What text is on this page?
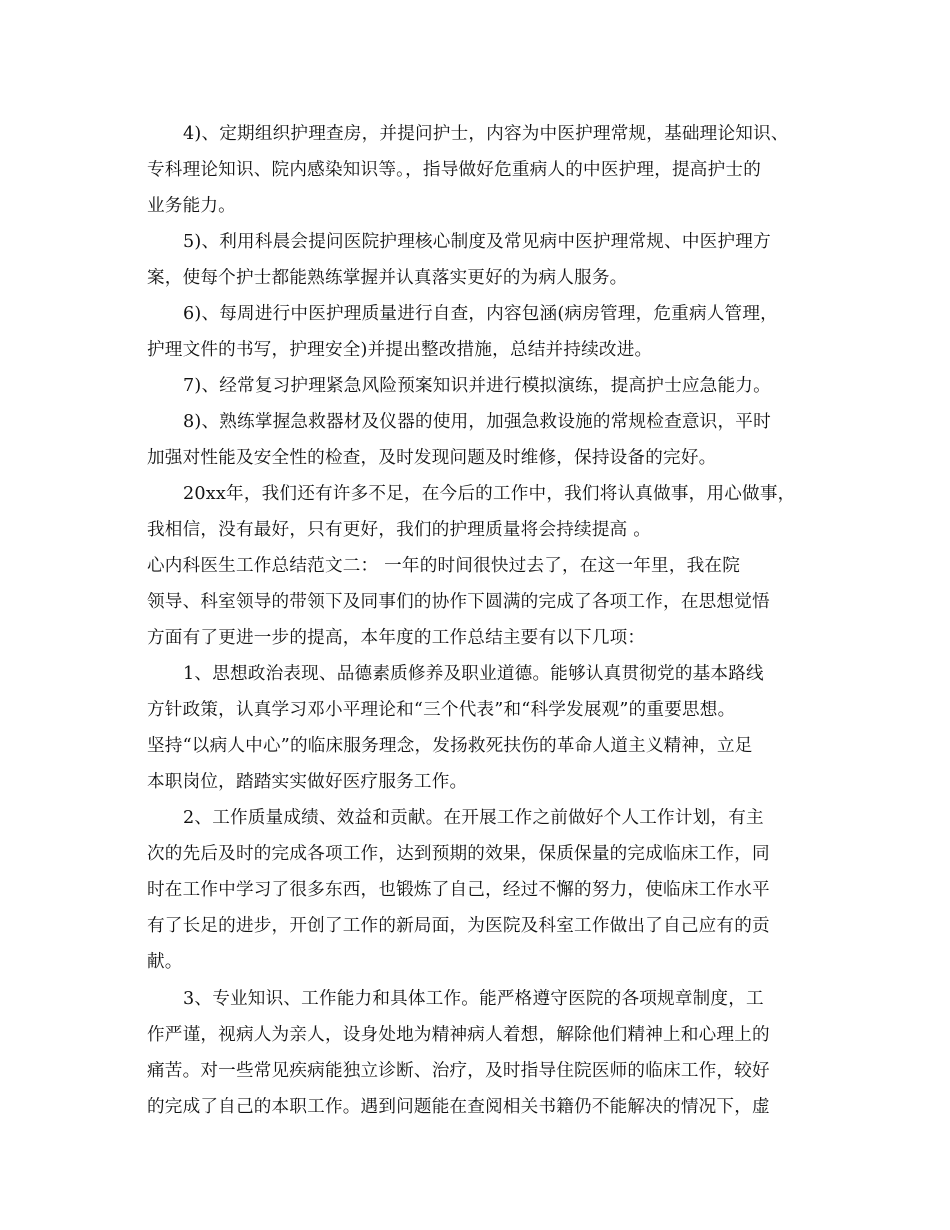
4)、定期组织护理查房，并提问护士，内容为中医护理常规，基础理论知识、
专科理论知识、院内感染知识等。，指导做好危重病人的中医护理，提高护士的
业务能力。
5)、利用科晨会提问医院护理核心制度及常见病中医护理常规、中医护理方
案，使每个护士都能熟练掌握并认真落实更好的为病人服务。
6)、每周进行中医护理质量进行自查，内容包涵(病房管理，危重病人管理，
护理文件的书写，护理安全)并提出整改措施，总结并持续改进。
7)、经常复习护理紧急风险预案知识并进行模拟演练，提高护士应急能力。
8)、熟练掌握急救器材及仪器的使用，加强急救设施的常规检查意识，平时
加强对性能及安全性的检查，及时发现问题及时维修，保持设备的完好。
20xx年，我们还有许多不足，在今后的工作中，我们将认真做事，用心做事，
我相信，没有最好，只有更好，我们的护理质量将会持续提高 。
心内科医生工作总结范文二： 一年的时间很快过去了，在这一年里，我在院
领导、科室领导的带领下及同事们的协作下圆满的完成了各项工作，在思想觉悟
方面有了更进一步的提高，本年度的工作总结主要有以下几项：
1、思想政治表现、品德素质修养及职业道德。能够认真贯彻党的基本路线
方针政策，认真学习邓小平理论和“三个代表”和“科学发展观”的重要思想。
坚持“以病人中心”的临床服务理念，发扬救死扶伤的革命人道主义精神，立足
本职岗位，踏踏实实做好医疗服务工作。
2、工作质量成绩、效益和贡献。在开展工作之前做好个人工作计划，有主
次的先后及时的完成各项工作，达到预期的效果，保质保量的完成临床工作，同
时在工作中学习了很多东西，也锻炼了自己，经过不懈的努力，使临床工作水平
有了长足的进步，开创了工作的新局面，为医院及科室工作做出了自己应有的贡
献。
3、专业知识、工作能力和具体工作。能严格遵守医院的各项规章制度，工
作严谨，视病人为亲人，设身处地为精神病人着想，解除他们精神上和心理上的
痛苦。对一些常见疾病能独立诊断、治疗，及时指导住院医师的临床工作，较好
的完成了自己的本职工作。遇到问题能在查阅相关书籍仍不能解决的情况下，虚
